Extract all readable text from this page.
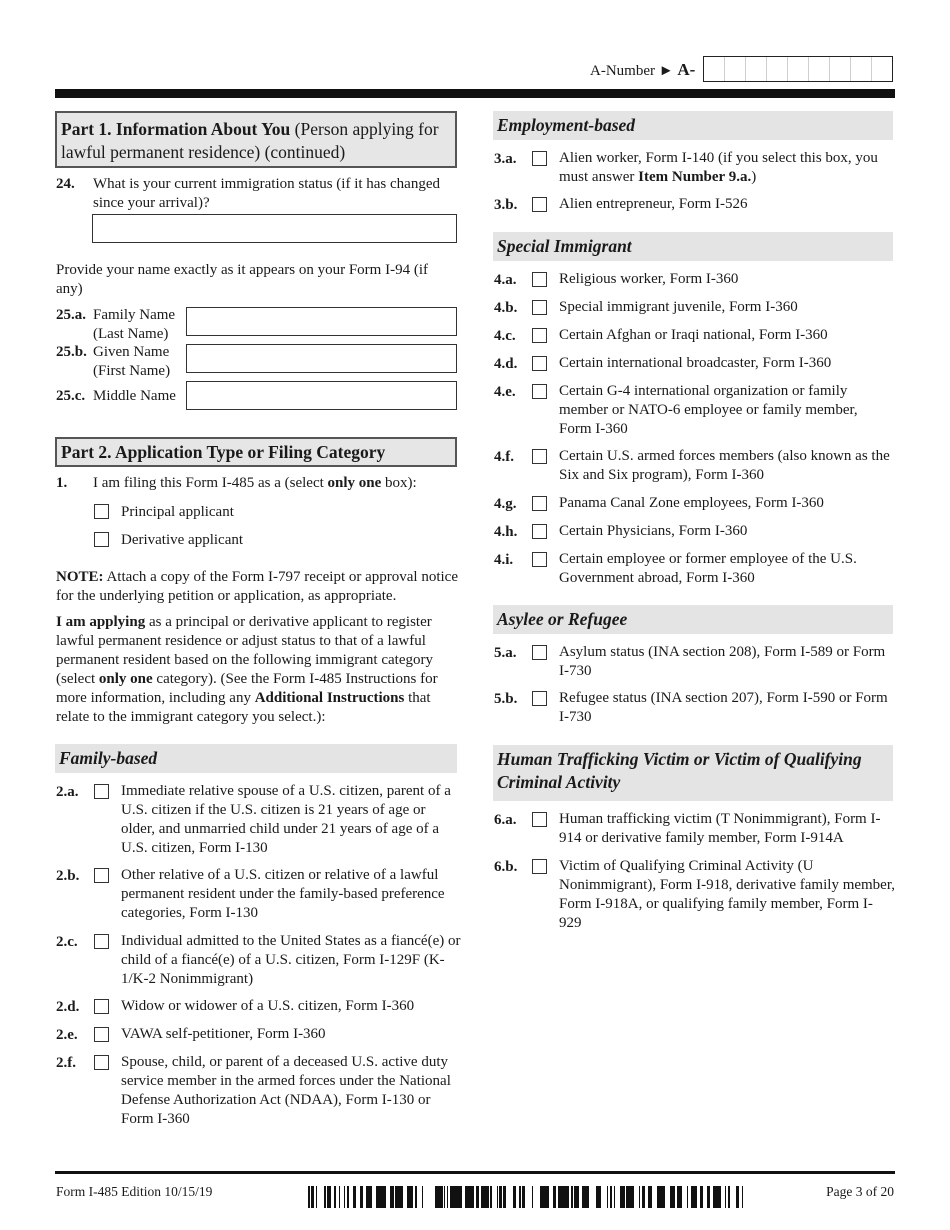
A-Number ► A-
Part 1. Information About You (Person applying for lawful permanent residence) (continued)
24. What is your current immigration status (if it has changed since your arrival)?
Provide your name exactly as it appears on your Form I-94 (if any)
25.a. Family Name
(Last Name)
25.b. Given Name
(First Name)
25.c. Middle Name
Part 2. Application Type or Filing Category
1. I am filing this Form I-485 as a (select only one box):
Principal applicant
Derivative applicant
NOTE: Attach a copy of the Form I-797 receipt or approval notice for the underlying petition or application, as appropriate.
I am applying as a principal or derivative applicant to register lawful permanent residence or adjust status to that of a lawful permanent resident based on the following immigrant category (select only one category). (See the Form I-485 Instructions for more information, including any Additional Instructions that relate to the immigrant category you select.):
Family-based
2.a.	Immediate relative spouse of a U.S. citizen, parent of a U.S. citizen if the U.S. citizen is 21 years of age or older, and unmarried child under 21 years of age of a U.S. citizen, Form I-130
2.b.	Other relative of a U.S. citizen or relative of a lawful permanent resident under the family-based preference categories, Form I-130
2.c.	Individual admitted to the United States as a fiancé(e) or child of a fiancé(e) of a U.S. citizen, Form I-129F (K-1/K-2 Nonimmigrant)
2.d.	Widow or widower of a U.S. citizen, Form I-360
2.e.	VAWA self-petitioner, Form I-360
2.f.	Spouse, child, or parent of a deceased U.S. active duty service member in the armed forces under the National Defense Authorization Act (NDAA), Form I-130 or Form I-360
Employment-based
3.a.	Alien worker, Form I-140 (if you select this box, you must answer Item Number 9.a.)
3.b.	Alien entrepreneur, Form I-526
Special Immigrant
4.a.	Religious worker, Form I-360
4.b.	Special immigrant juvenile, Form I-360
4.c.	Certain Afghan or Iraqi national, Form I-360
4.d.	Certain international broadcaster, Form I-360
4.e.	Certain G-4 international organization or family member or NATO-6 employee or family member, Form I-360
4.f.	Certain U.S. armed forces members (also known as the Six and Six program), Form I-360
4.g.	Panama Canal Zone employees, Form I-360
4.h.	Certain Physicians, Form I-360
4.i.	Certain employee or former employee of the U.S. Government abroad, Form I-360
Asylee or Refugee
5.a.	Asylum status (INA section 208), Form I-589 or Form I-730
5.b.	Refugee status (INA section 207), Form I-590 or Form I-730
Human Trafficking Victim or Victim of Qualifying Criminal Activity
6.a.	Human trafficking victim (T Nonimmigrant), Form I-914 or derivative family member, Form I-914A
6.b.	Victim of Qualifying Criminal Activity (U Nonimmigrant), Form I-918, derivative family member, Form I-918A, or qualifying family member, Form I-929
Form I-485 Edition 10/15/19	Page 3 of 20
